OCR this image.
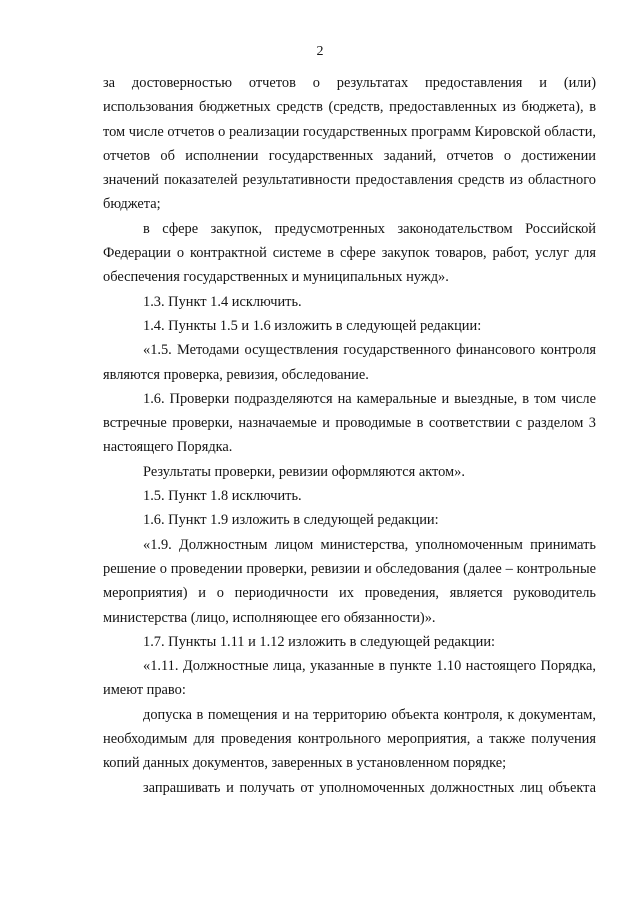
2

за достоверностью отчетов о результатах предоставления и (или) использования бюджетных средств (средств, предоставленных из бюджета), в том числе отчетов о реализации государственных программ Кировской области, отчетов об исполнении государственных заданий, отчетов о достижении значений показателей результативности предоставления средств из областного бюджета;

в сфере закупок, предусмотренных законодательством Российской Федерации о контрактной системе в сфере закупок товаров, работ, услуг для обеспечения государственных и муниципальных нужд».

1.3. Пункт 1.4 исключить.

1.4. Пункты 1.5 и 1.6 изложить в следующей редакции:

«1.5. Методами осуществления государственного финансового контроля являются проверка, ревизия, обследование.

1.6. Проверки подразделяются на камеральные и выездные, в том числе встречные проверки, назначаемые и проводимые в соответствии с разделом 3 настоящего Порядка.

Результаты проверки, ревизии оформляются актом».

1.5. Пункт 1.8 исключить.

1.6. Пункт 1.9 изложить в следующей редакции:

«1.9. Должностным лицом министерства, уполномоченным принимать решение о проведении проверки, ревизии и обследования (далее – контрольные мероприятия) и о периодичности их проведения, является руководитель министерства (лицо, исполняющее его обязанности)».

1.7. Пункты 1.11 и 1.12 изложить в следующей редакции:

«1.11. Должностные лица, указанные в пункте 1.10 настоящего Порядка, имеют право:

допуска в помещения и на территорию объекта контроля, к документам, необходимым для проведения контрольного мероприятия, а также получения копий данных документов, заверенных в установленном порядке;

запрашивать и получать от уполномоченных должностных лиц объекта
